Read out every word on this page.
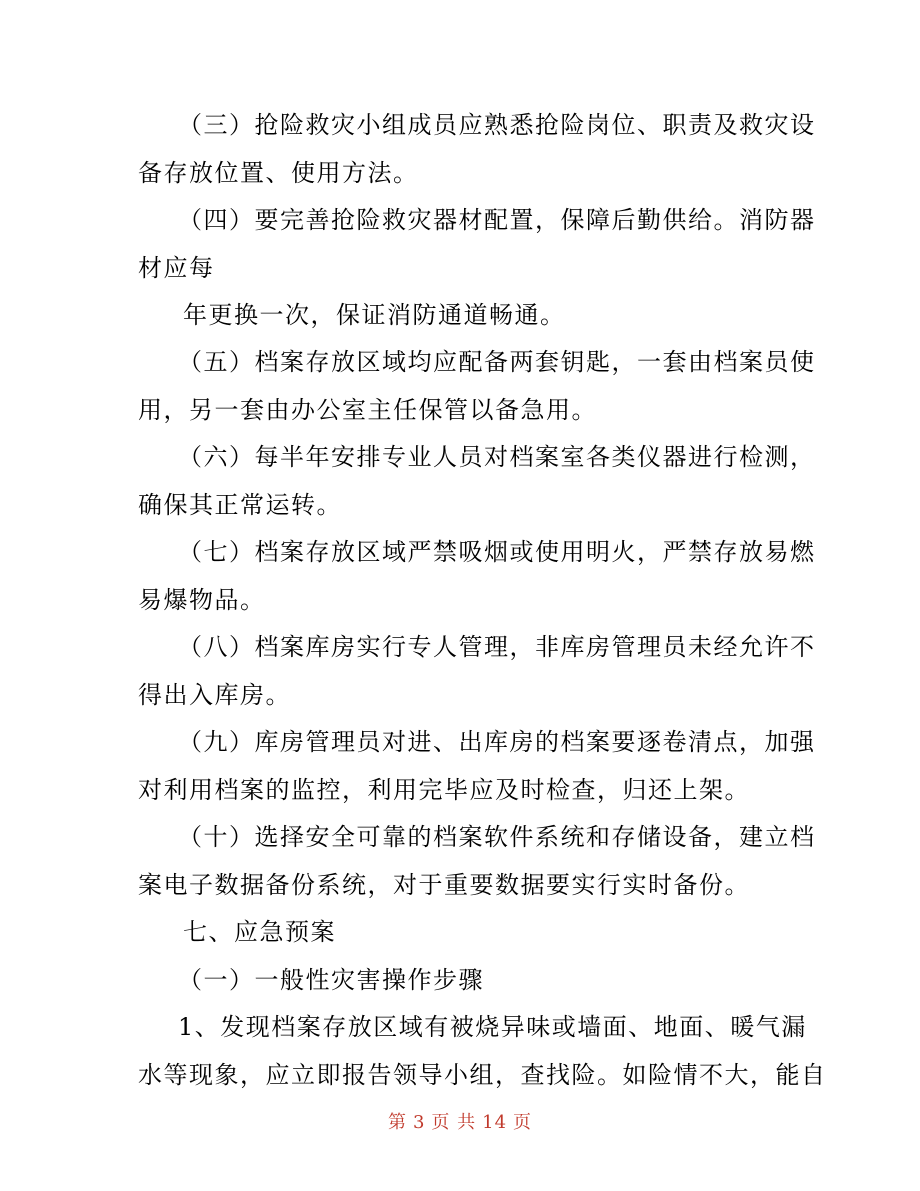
（三）抢险救灾小组成员应熟悉抢险岗位、职责及救灾设
备存放位置、使用方法。
（四）要完善抢险救灾器材配置，保障后勤供给。消防器
材应每
年更换一次，保证消防通道畅通。
（五）档案存放区域均应配备两套钥匙，一套由档案员使
用，另一套由办公室主任保管以备急用。
（六）每半年安排专业人员对档案室各类仪器进行检测，
确保其正常运转。
（七）档案存放区域严禁吸烟或使用明火，严禁存放易燃
易爆物品。
（八）档案库房实行专人管理，非库房管理员未经允许不
得出入库房。
（九）库房管理员对进、出库房的档案要逐卷清点，加强
对利用档案的监控，利用完毕应及时检查，归还上架。
（十）选择安全可靠的档案软件系统和存储设备，建立档
案电子数据备份系统，对于重要数据要实行实时备份。
七、应急预案
（一）一般性灾害操作步骤
1、发现档案存放区域有被烧异味或墙面、地面、暖气漏
水等现象，应立即报告领导小组，查找险。如险情不大，能自
第 3 页 共 14 页
